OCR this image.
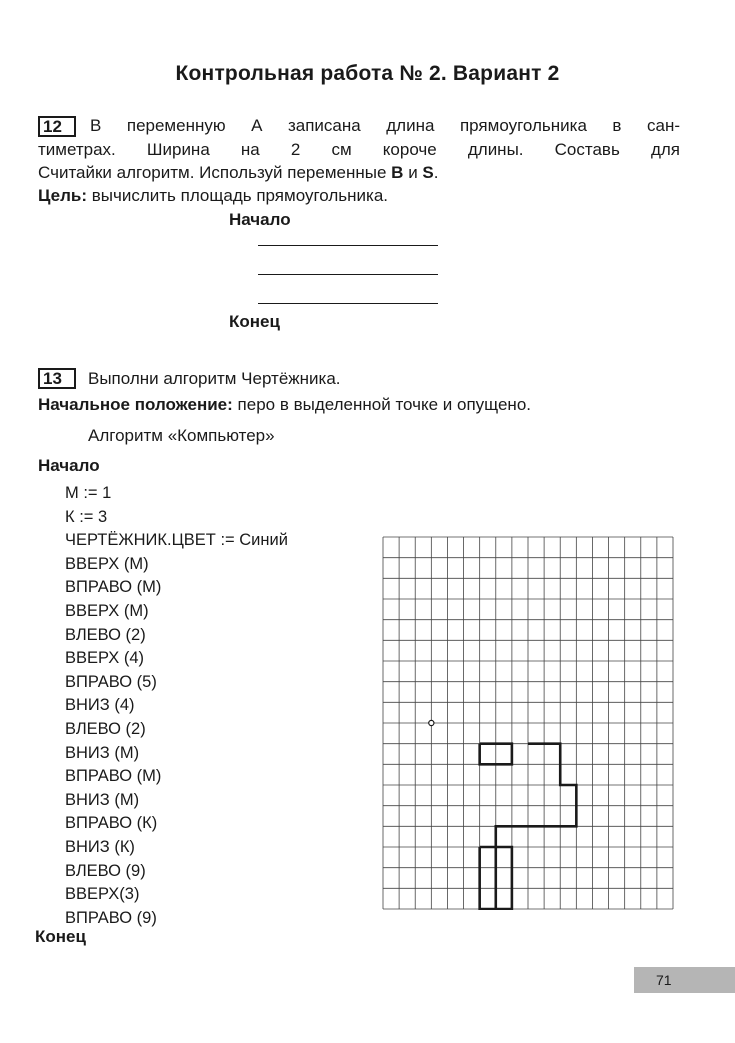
Контрольная работа № 2. Вариант 2
12	В переменную А записана длина прямоугольника в сан-
тиметрах. Ширина на 2 см короче длины. Составь для
Считайки алгоритм. Используй переменные B и S.
Цель: вычислить площадь прямоугольника.
Начало
Конец
13	Выполни алгоритм Чертёжника.
Начальное положение: перо в выделенной точке и опущено.
Алгоритм «Компьютер»
Начало
М := 1
К := 3
ЧЕРТЁЖНИК.ЦВЕТ := Синий
ВВЕРХ (М)
ВПРАВО (М)
ВВЕРХ (М)
ВЛЕВО (2)
ВВЕРХ (4)
ВПРАВО (5)
ВНИЗ (4)
ВЛЕВО (2)
ВНИЗ (М)
ВПРАВО (М)
ВНИЗ (М)
ВПРАВО (К)
ВНИЗ (К)
ВЛЕВО (9)
ВВЕРХ(3)
ВПРАВО (9)
Конец
71
